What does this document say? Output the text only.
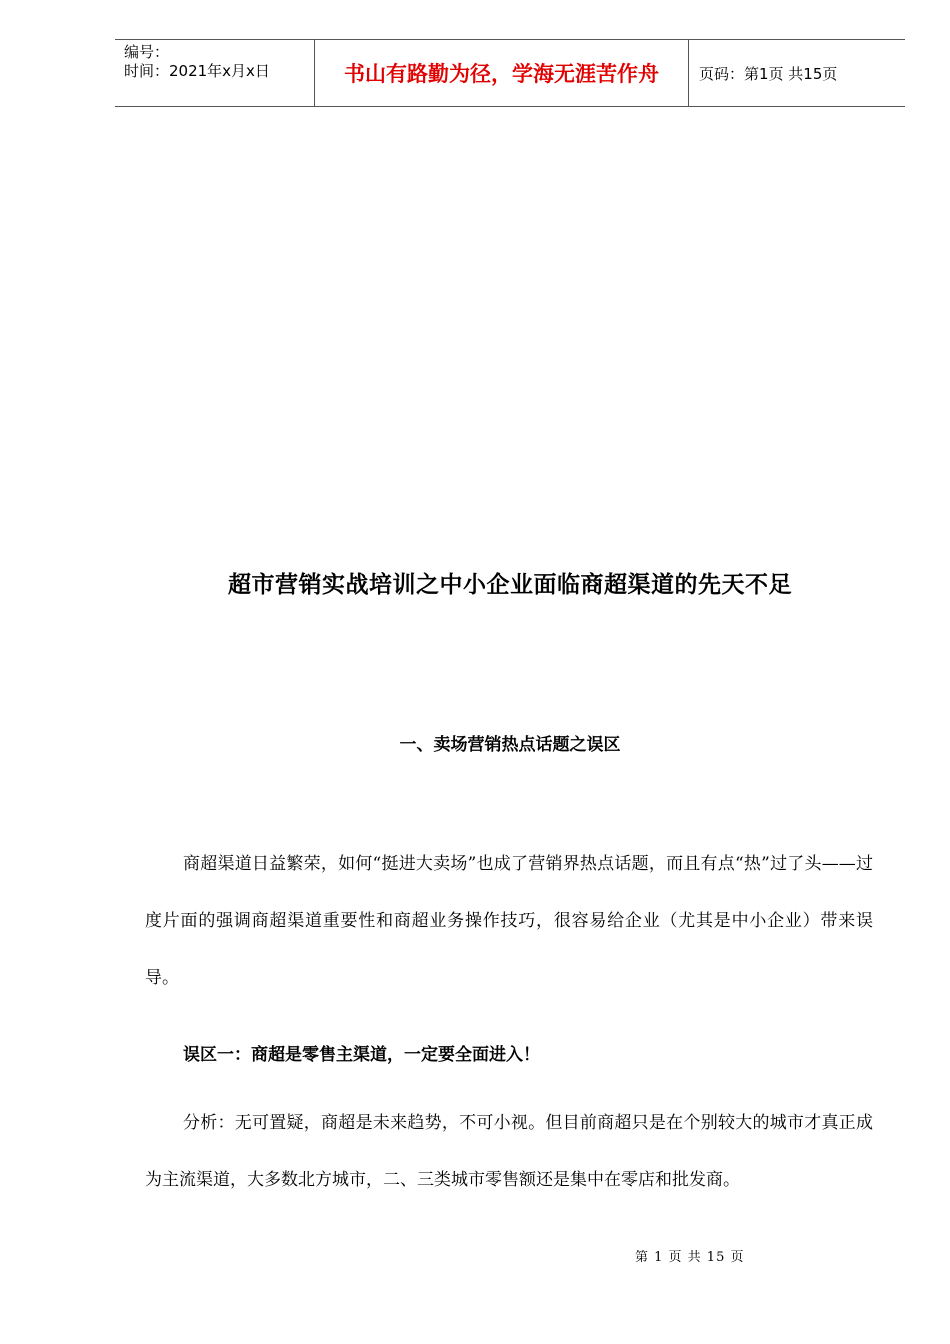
编号：
时间：2021年x月x日	书山有路勤为径，学海无涯苦作舟	页码：第1页 共15页
超市营销实战培训之中小企业面临商超渠道的先天不足
一、卖场营销热点话题之误区
商超渠道日益繁荣，如何“挺进大卖场”也成了营销界热点话题，而且有点“热”过了头——过度片面的强调商超渠道重要性和商超业务操作技巧，很容易给企业（尤其是中小企业）带来误导。
误区一：商超是零售主渠道，一定要全面进入！
分析：无可置疑，商超是未来趋势，不可小视。但目前商超只是在个别较大的城市才真正成为主流渠道，大多数北方城市，二、三类城市零售额还是集中在零店和批发商。
第 1 页 共 15 页
